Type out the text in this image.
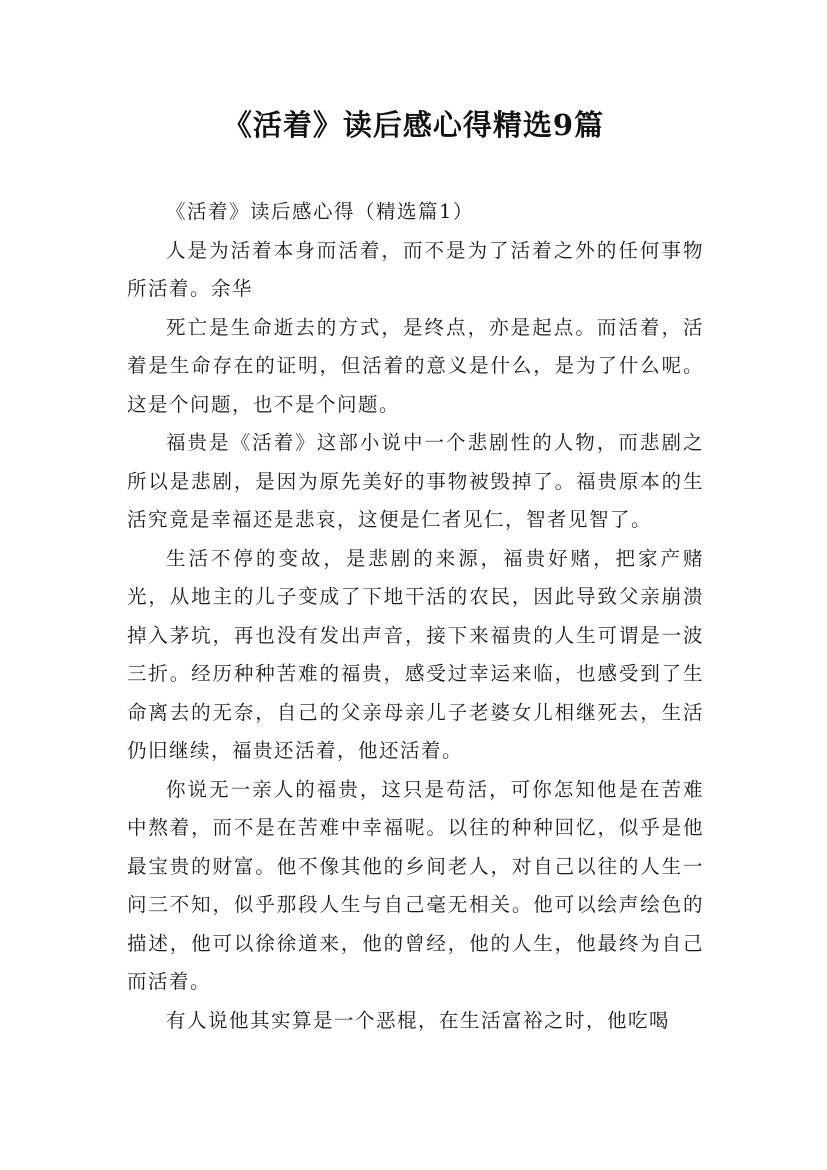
《活着》读后感心得精选9篇

《活着》读后感心得（精选篇1）

人是为活着本身而活着，而不是为了活着之外的任何事物所活着。余华

死亡是生命逝去的方式，是终点，亦是起点。而活着，活着是生命存在的证明，但活着的意义是什么，是为了什么呢。这是个问题，也不是个问题。

福贵是《活着》这部小说中一个悲剧性的人物，而悲剧之所以是悲剧，是因为原先美好的事物被毁掉了。福贵原本的生活究竟是幸福还是悲哀，这便是仁者见仁，智者见智了。

生活不停的变故，是悲剧的来源，福贵好赌，把家产赌光，从地主的儿子变成了下地干活的农民，因此导致父亲崩溃掉入茅坑，再也没有发出声音，接下来福贵的人生可谓是一波三折。经历种种苦难的福贵，感受过幸运来临，也感受到了生命离去的无奈，自己的父亲母亲儿子老婆女儿相继死去，生活仍旧继续，福贵还活着，他还活着。

你说无一亲人的福贵，这只是苟活，可你怎知他是在苦难中熬着，而不是在苦难中幸福呢。以往的种种回忆，似乎是他最宝贵的财富。他不像其他的乡间老人，对自己以往的人生一问三不知，似乎那段人生与自己毫无相关。他可以绘声绘色的描述，他可以徐徐道来，他的曾经，他的人生，他最终为自己而活着。

有人说他其实算是一个恶棍，在生活富裕之时，他吃喝
